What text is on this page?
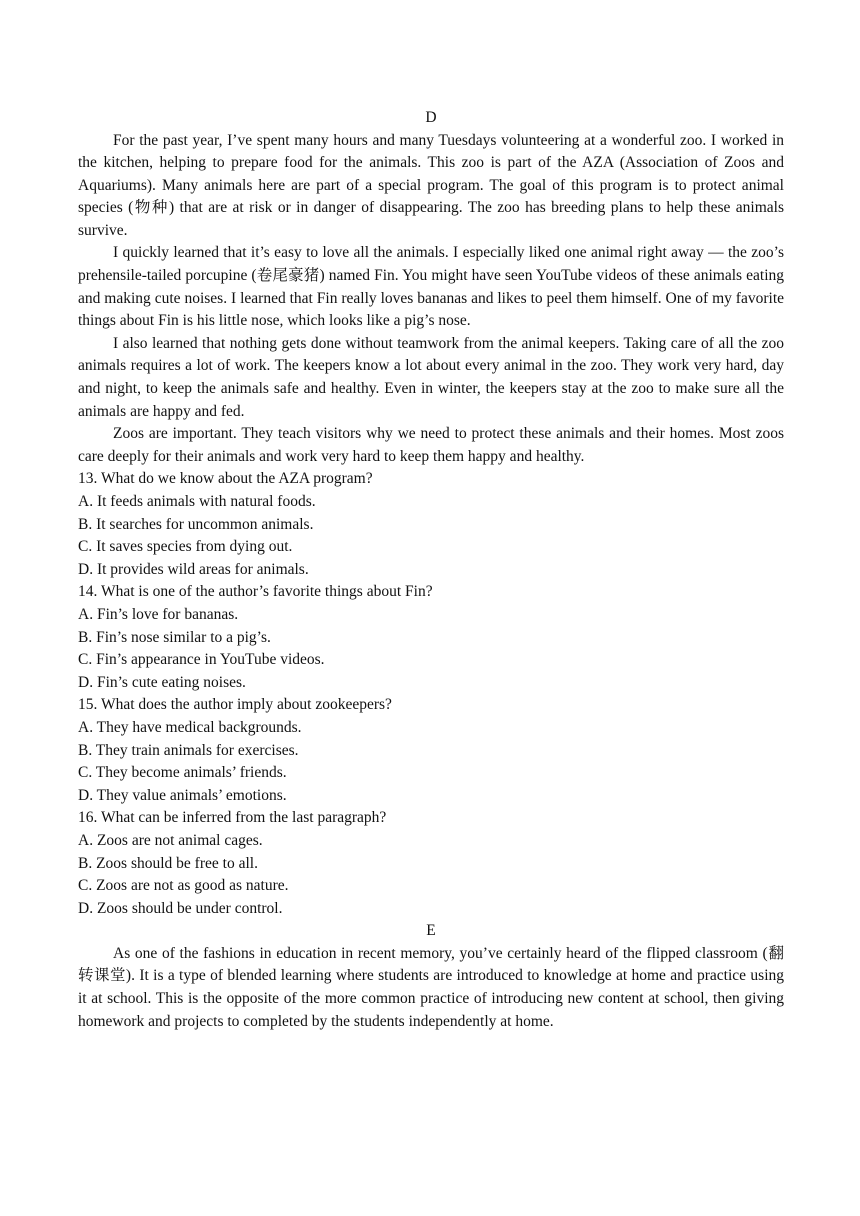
D

For the past year, I’ve spent many hours and many Tuesdays volunteering at a wonderful zoo. I worked in the kitchen, helping to prepare food for the animals. This zoo is part of the AZA (Association of Zoos and Aquariums). Many animals here are part of a special program. The goal of this program is to protect animal species (物种) that are at risk or in danger of disappearing. The zoo has breeding plans to help these animals survive.

I quickly learned that it’s easy to love all the animals. I especially liked one animal right away — the zoo’s prehensile-tailed porcupine (卷尾豪猪) named Fin. You might have seen YouTube videos of these animals eating and making cute noises. I learned that Fin really loves bananas and likes to peel them himself. One of my favorite things about Fin is his little nose, which looks like a pig’s nose.

I also learned that nothing gets done without teamwork from the animal keepers. Taking care of all the zoo animals requires a lot of work. The keepers know a lot about every animal in the zoo. They work very hard, day and night, to keep the animals safe and healthy. Even in winter, the keepers stay at the zoo to make sure all the animals are happy and fed.

Zoos are important. They teach visitors why we need to protect these animals and their homes. Most zoos care deeply for their animals and work very hard to keep them happy and healthy.

13. What do we know about the AZA program?

A. It feeds animals with natural foods.

B. It searches for uncommon animals.

C. It saves species from dying out.

D. It provides wild areas for animals.

14. What is one of the author’s favorite things about Fin?

A. Fin’s love for bananas.

B. Fin’s nose similar to a pig’s.

C. Fin’s appearance in YouTube videos.

D. Fin’s cute eating noises.

15. What does the author imply about zookeepers?

A. They have medical backgrounds.

B. They train animals for exercises.

C. They become animals’ friends.

D. They value animals’ emotions.

16. What can be inferred from the last paragraph?

A. Zoos are not animal cages.

B. Zoos should be free to all.

C. Zoos are not as good as nature.

D. Zoos should be under control.

E

As one of the fashions in education in recent memory, you’ve certainly heard of the flipped classroom (翻转课堂). It is a type of blended learning where students are introduced to knowledge at home and practice using it at school. This is the opposite of the more common practice of introducing new content at school, then giving homework and projects to completed by the students independently at home.
